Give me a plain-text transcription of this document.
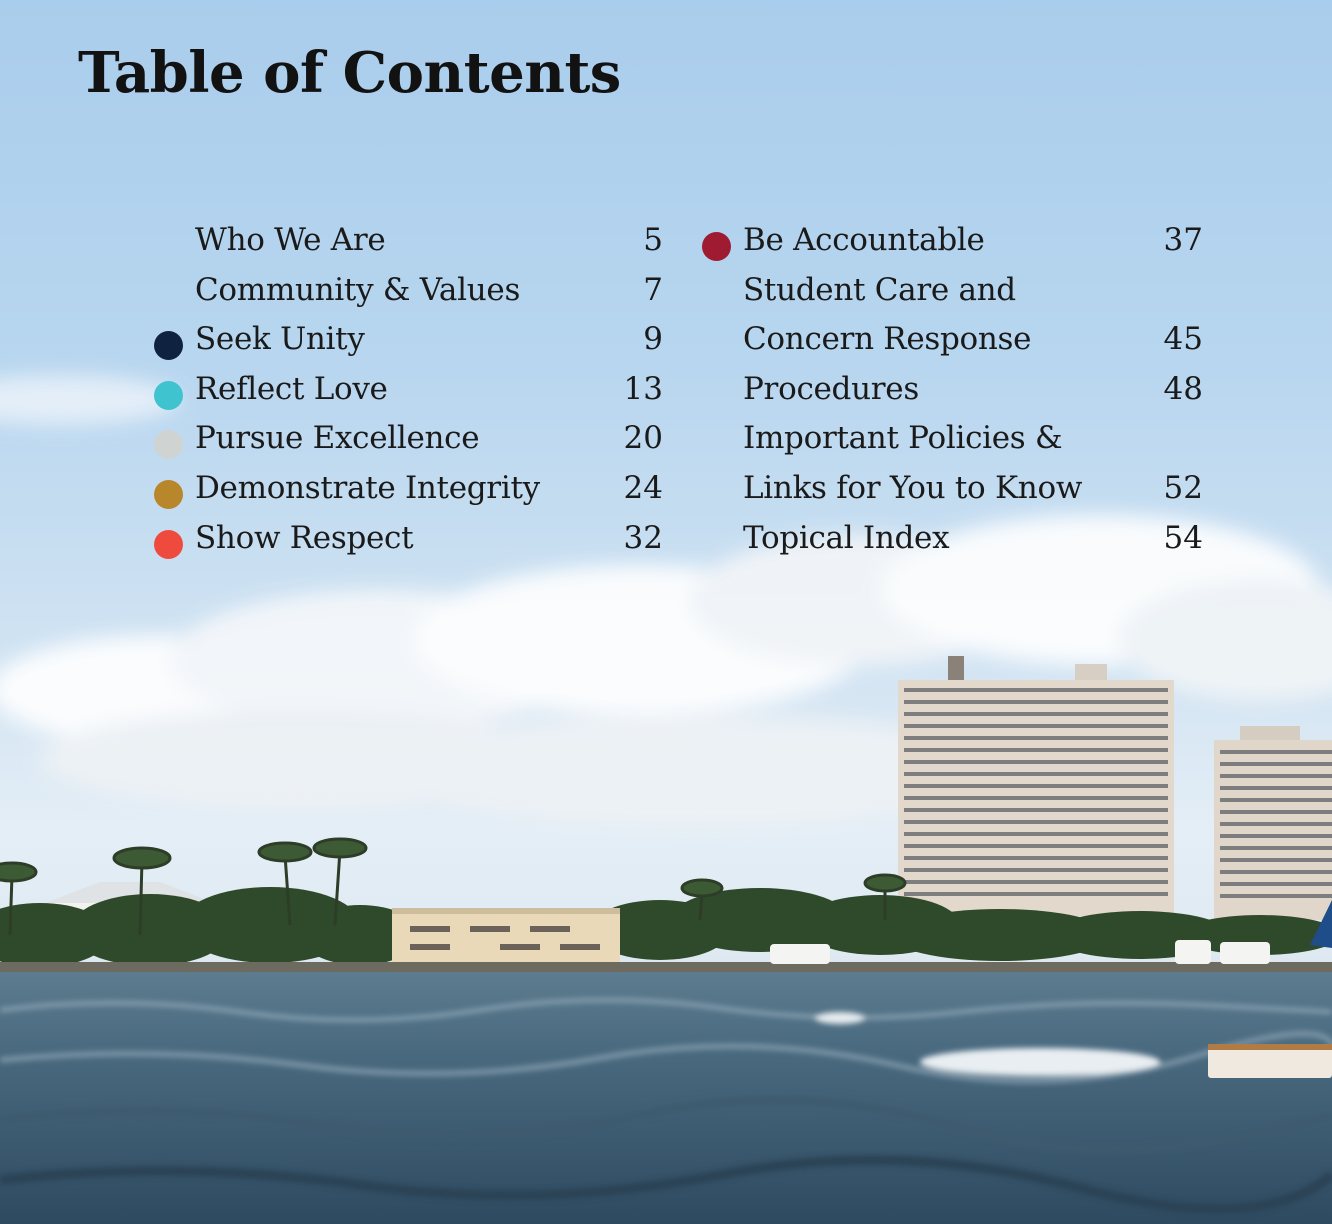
Table of Contents
Who We Are	5
Community & Values	7
Seek Unity	9
Reflect Love	13
Pursue Excellence	20
Demonstrate Integrity	24
Show Respect	32
Be Accountable	37
Student Care and
Concern Response	45
Procedures	48
Important Policies &
Links for You to Know	52
Topical Index	54
